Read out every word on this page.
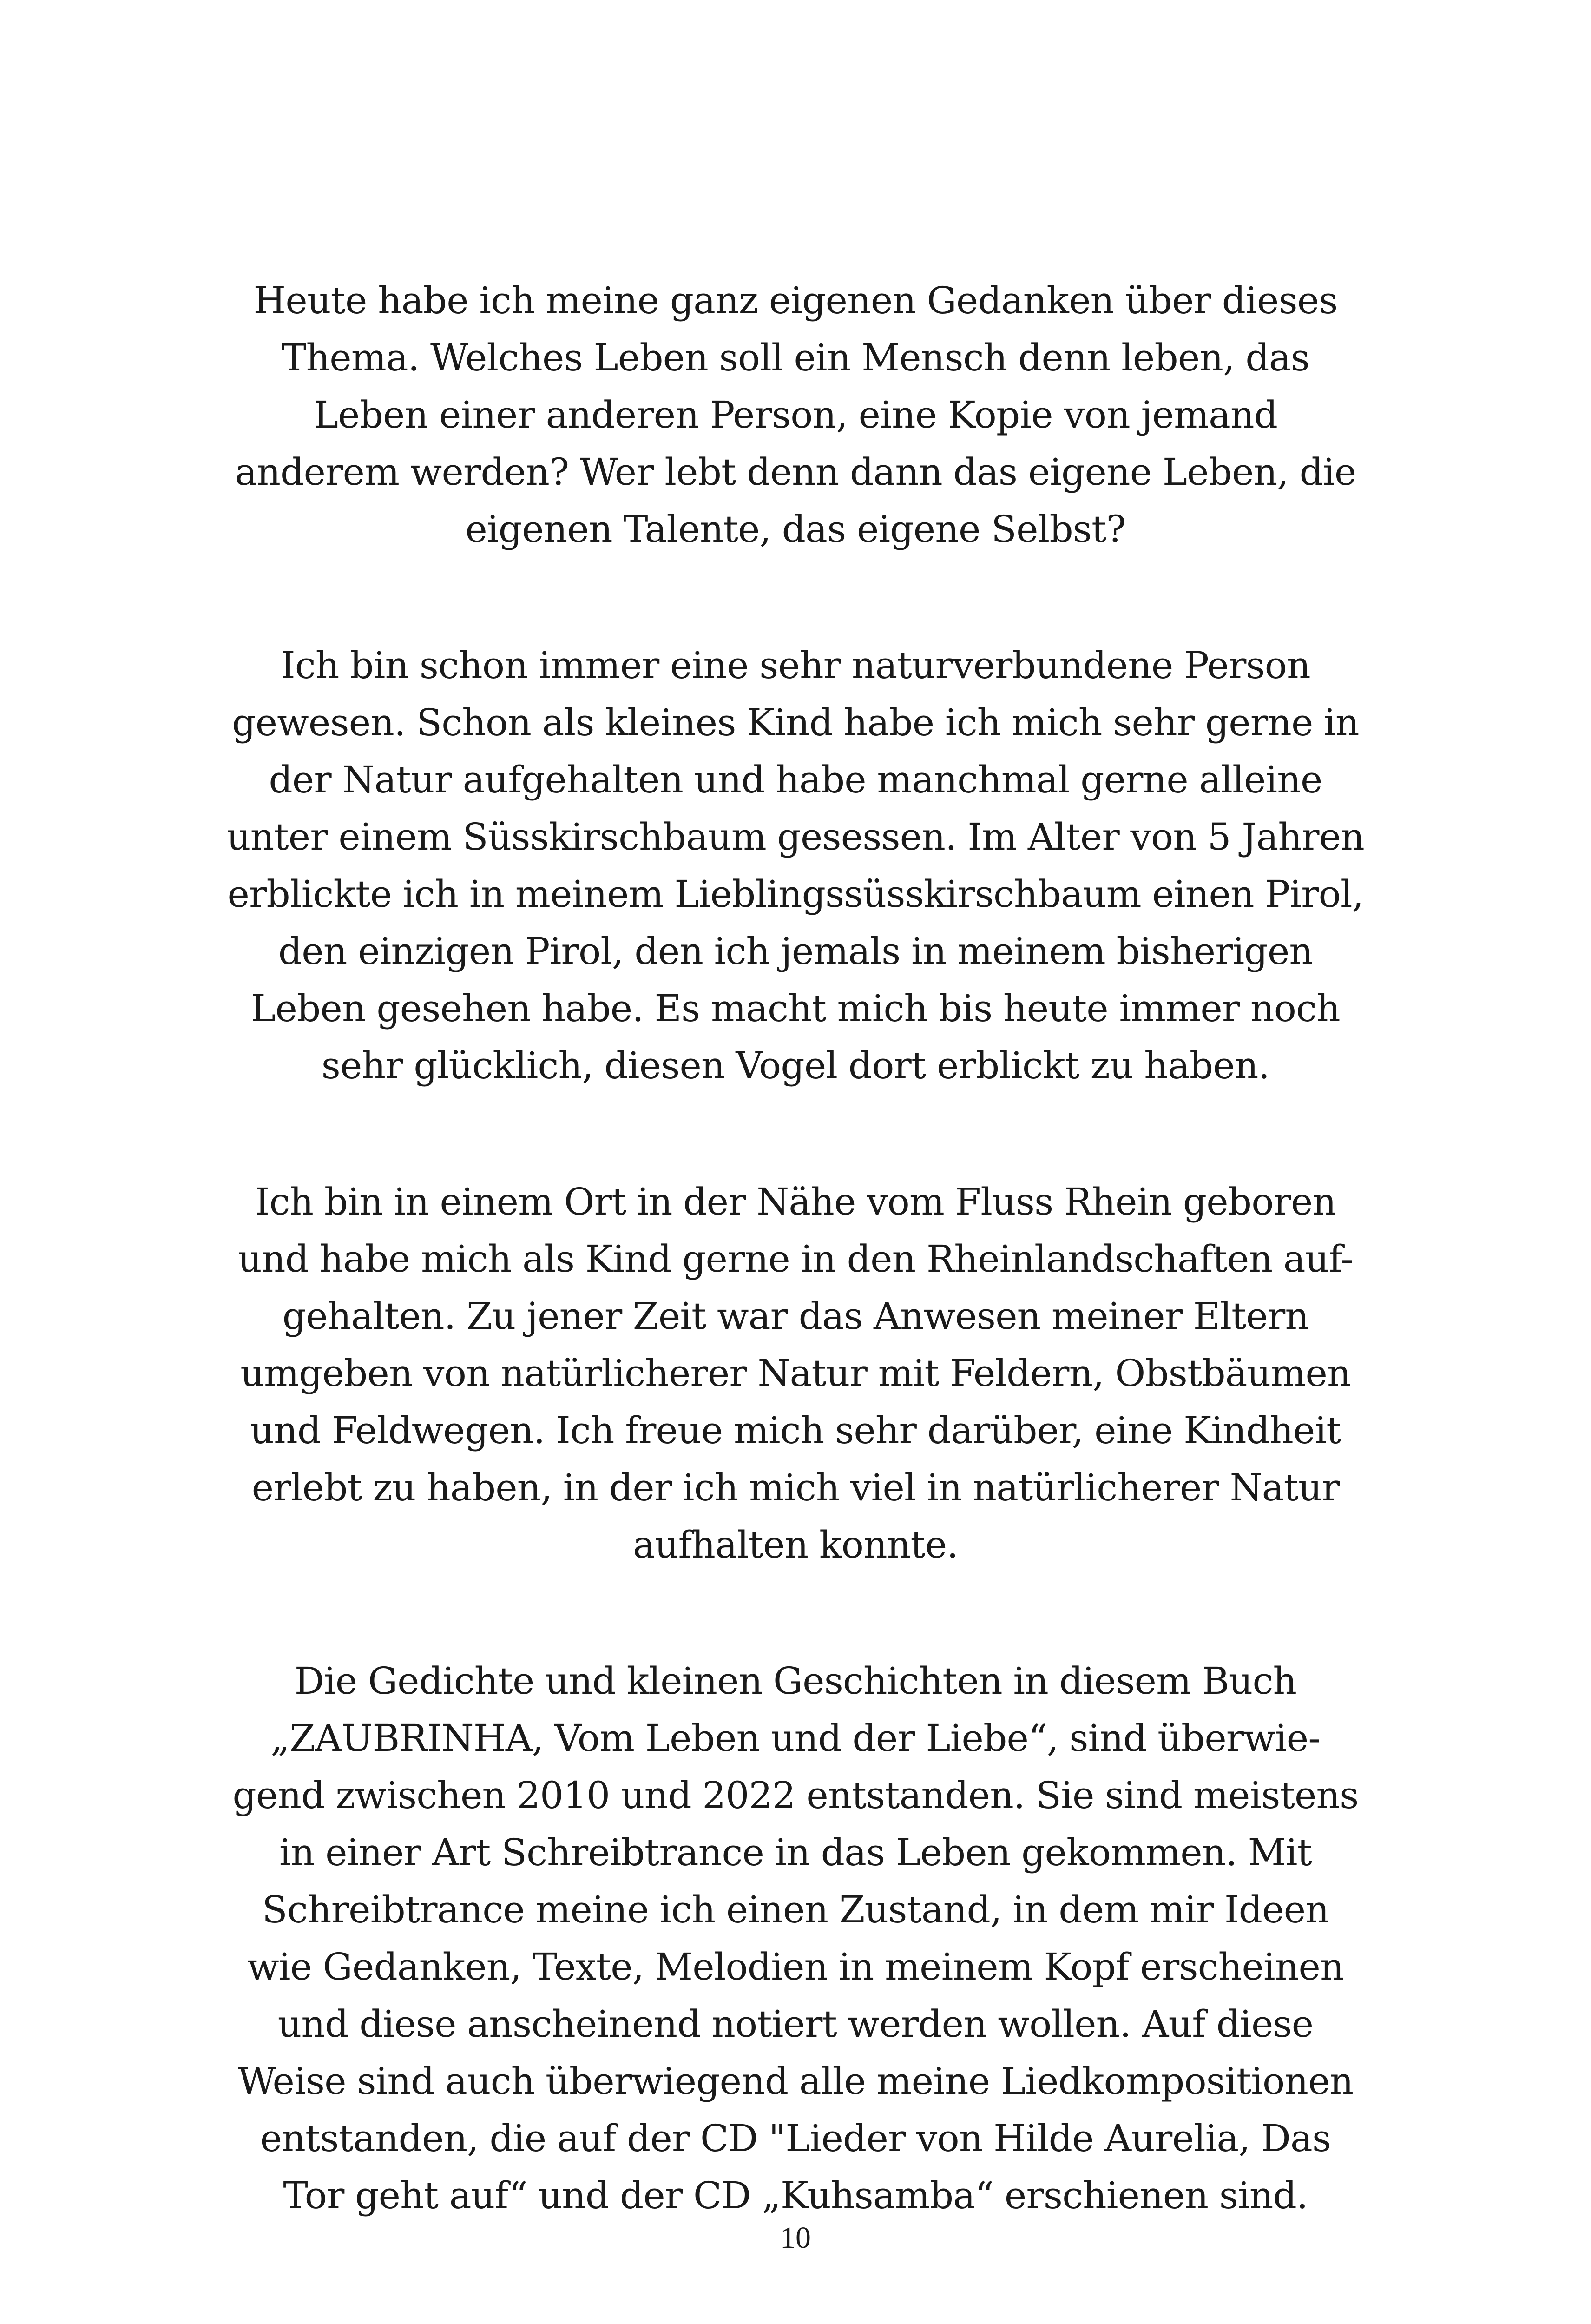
Heute habe ich meine ganz eigenen Gedanken über dieses
Thema. Welches Leben soll ein Mensch denn leben, das
Leben einer anderen Person, eine Kopie von jemand
anderem werden? Wer lebt denn dann das eigene Leben, die
eigenen Talente, das eigene Selbst?

Ich bin schon immer eine sehr naturverbundene Person
gewesen. Schon als kleines Kind habe ich mich sehr gerne in
der Natur aufgehalten und habe manchmal gerne alleine
unter einem Süsskirschbaum gesessen. Im Alter von 5 Jahren
erblickte ich in meinem Lieblingssüsskirschbaum einen Pirol,
den einzigen Pirol, den ich jemals in meinem bisherigen
Leben gesehen habe. Es macht mich bis heute immer noch
sehr glücklich, diesen Vogel dort erblickt zu haben.

Ich bin in einem Ort in der Nähe vom Fluss Rhein geboren
und habe mich als Kind gerne in den Rheinlandschaften auf-
gehalten. Zu jener Zeit war das Anwesen meiner Eltern
umgeben von natürlicherer Natur mit Feldern, Obstbäumen
und Feldwegen. Ich freue mich sehr darüber, eine Kindheit
erlebt zu haben, in der ich mich viel in natürlicherer Natur
aufhalten konnte.

Die Gedichte und kleinen Geschichten in diesem Buch
„ZAUBRINHA, Vom Leben und der Liebe“, sind überwie-
gend zwischen 2010 und 2022 entstanden. Sie sind meistens
in einer Art Schreibtrance in das Leben gekommen. Mit
Schreibtrance meine ich einen Zustand, in dem mir Ideen
wie Gedanken, Texte, Melodien in meinem Kopf erscheinen
und diese anscheinend notiert werden wollen. Auf diese
Weise sind auch überwiegend alle meine Liedkompositionen
entstanden, die auf der CD "Lieder von Hilde Aurelia, Das
Tor geht auf“ und der CD „Kuhsamba“ erschienen sind.

10
